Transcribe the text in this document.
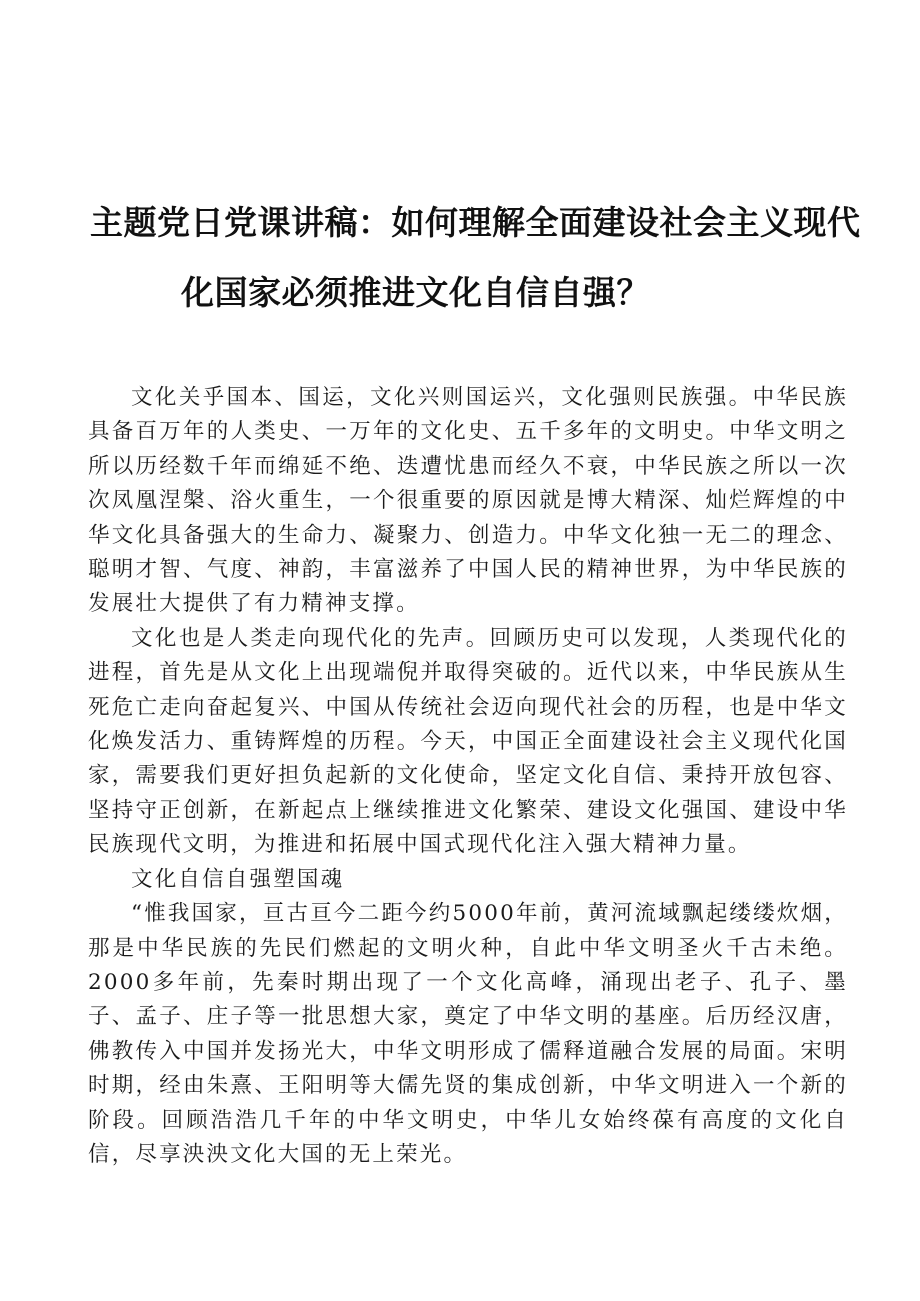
主题党日党课讲稿：如何理解全面建设社会主义现代
化国家必须推进文化自信自强？

文化关乎国本、国运，文化兴则国运兴，文化强则民族强。中华民族具备百万年的人类史、一万年的文化史、五千多年的文明史。中华文明之所以历经数千年而绵延不绝、迭遭忧患而经久不衰，中华民族之所以一次次凤凰涅槃、浴火重生，一个很重要的原因就是博大精深、灿烂辉煌的中华文化具备强大的生命力、凝聚力、创造力。中华文化独一无二的理念、聪明才智、气度、神韵，丰富滋养了中国人民的精神世界，为中华民族的发展壮大提供了有力精神支撑。

文化也是人类走向现代化的先声。回顾历史可以发现，人类现代化的进程，首先是从文化上出现端倪并取得突破的。近代以来，中华民族从生死危亡走向奋起复兴、中国从传统社会迈向现代社会的历程，也是中华文化焕发活力、重铸辉煌的历程。今天，中国正全面建设社会主义现代化国家，需要我们更好担负起新的文化使命，坚定文化自信、秉持开放包容、坚持守正创新，在新起点上继续推进文化繁荣、建设文化强国、建设中华民族现代文明，为推进和拓展中国式现代化注入强大精神力量。

文化自信自强塑国魂

“惟我国家，亘古亘今二距今约5000年前，黄河流域飘起缕缕炊烟，那是中华民族的先民们燃起的文明火种，自此中华文明圣火千古未绝。2000多年前，先秦时期出现了一个文化高峰，涌现出老子、孔子、墨子、孟子、庄子等一批思想大家，奠定了中华文明的基座。后历经汉唐，佛教传入中国并发扬光大，中华文明形成了儒释道融合发展的局面。宋明时期，经由朱熹、王阳明等大儒先贤的集成创新，中华文明进入一个新的阶段。回顾浩浩几千年的中华文明史，中华儿女始终葆有高度的文化自信，尽享泱泱文化大国的无上荣光。
